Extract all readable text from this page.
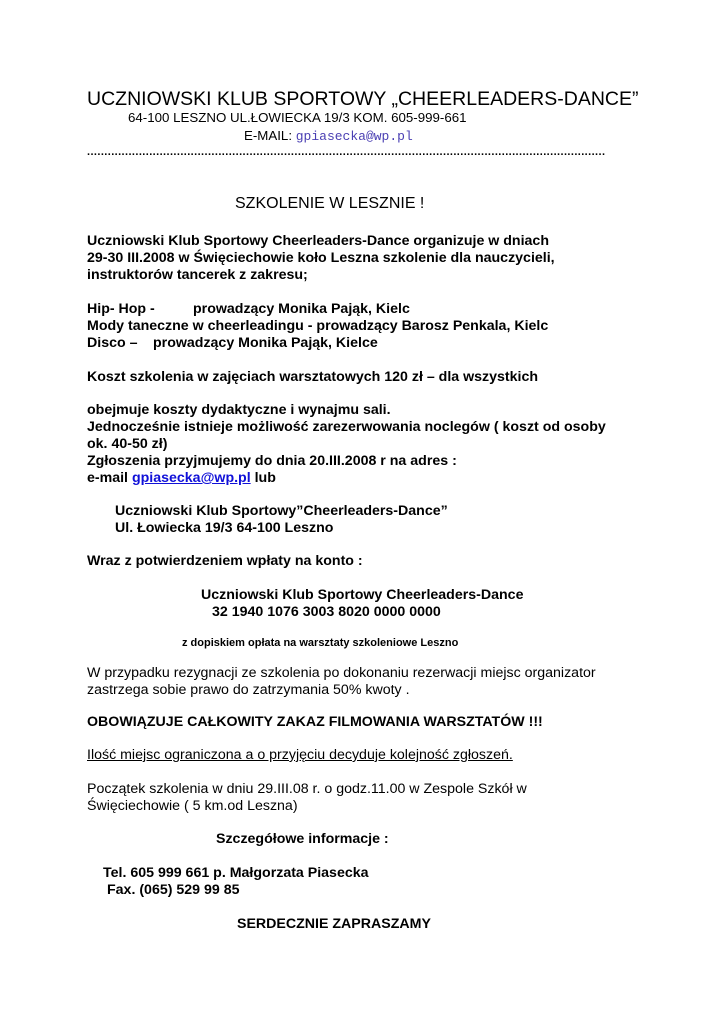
UCZNIOWSKI KLUB SPORTOWY „CHEERLEADERS-DANCE”
64-100 LESZNO UL.ŁOWIECKA 19/3 KOM. 605-999-661
E-MAIL: gpiasecka@wp.pl
......................................................................................................................................................
SZKOLENIE W LESZNIE !
Uczniowski Klub Sportowy Cheerleaders-Dance organizuje w dniach
29-30 III.2008 w Święciechowie koło Leszna szkolenie dla nauczycieli,
instruktorów tancerek z zakresu;
Hip- Hop -	prowadzący Monika Pająk, Kielc
Mody taneczne w cheerleadingu - prowadzący Barosz Penkala, Kielc
Disco – prowadzący Monika Pająk, Kielce
Koszt szkolenia w zajęciach warsztatowych 120 zł – dla wszystkich
obejmuje koszty dydaktyczne i wynajmu sali.
Jednocześnie istnieje możliwość zarezerwowania noclegów ( koszt od osoby
ok. 40-50 zł)
Zgłoszenia przyjmujemy do dnia 20.III.2008 r na adres :
e-mail gpiasecka@wp.pl lub
Uczniowski Klub Sportowy”Cheerleaders-Dance”
Ul. Łowiecka 19/3 64-100 Leszno
Wraz z potwierdzeniem wpłaty na konto :
Uczniowski Klub Sportowy Cheerleaders-Dance
32 1940 1076 3003 8020 0000 0000
z dopiskiem opłata na warsztaty szkoleniowe Leszno
W przypadku rezygnacji ze szkolenia po dokonaniu rezerwacji miejsc organizator
zastrzega sobie prawo do zatrzymania 50% kwoty .
OBOWIĄZUJE CAŁKOWITY ZAKAZ FILMOWANIA WARSZTATÓW !!!
Ilość miejsc ograniczona a o przyjęciu decyduje kolejność zgłoszeń.
Początek szkolenia w dniu 29.III.08 r. o godz.11.00 w Zespole Szkół w
Święciechowie ( 5 km.od Leszna)
Szczegółowe informacje :
Tel. 605 999 661 p. Małgorzata Piasecka
Fax. (065) 529 99 85
SERDECZNIE ZAPRASZAMY
